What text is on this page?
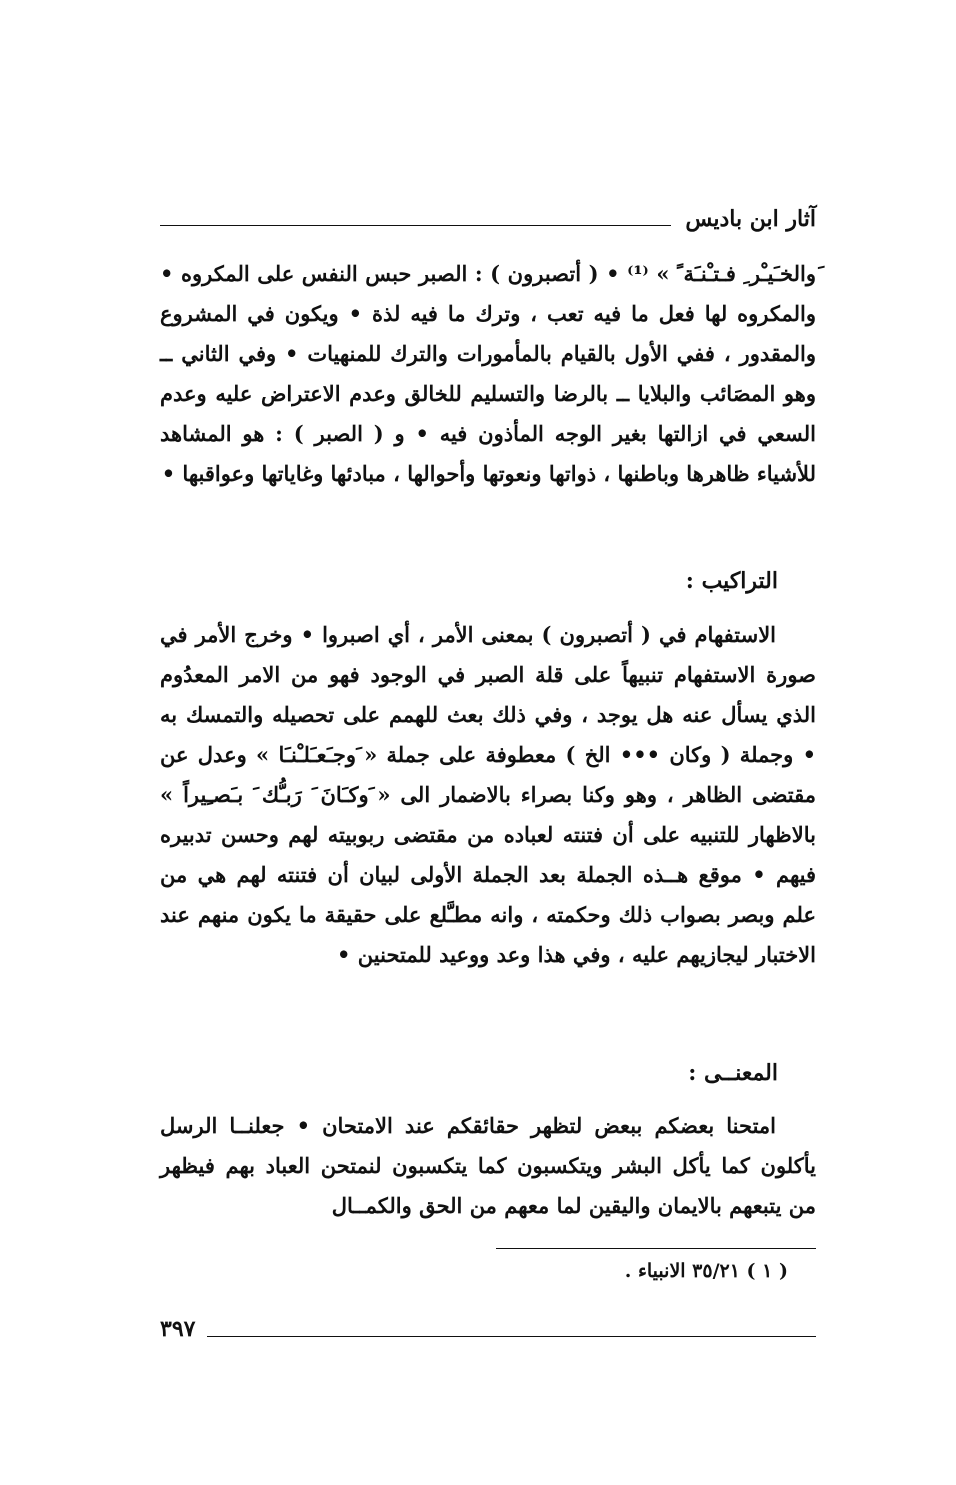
آثار ابن باديس
َوالخـَيـْر ِ فـتـْنـَة ً » ⁽¹⁾ • ( أتصبرون ) : الصبر حبس النفس على المكروه • والمكروه لها فعل ما فيه تعب ، وترك ما فيه لذة • ويكون في المشروع والمقدور ، ففي الأول بالقيام بالمأمورات والترك للمنهيات • وفي الثاني ــ وهو المصَائب والبلايا ــ بالرضا والتسليم للخالق وعدم الاعتراض عليه وعدم السعي في ازالتها بغير الوجه المأذون فيه • و ( الصبر ) : هو المشاهد للأشياء ظاهرها وباطنها ، ذواتها ونعوتها وأحوالها ، مبادئها وغاياتها وعواقبها •
التراكيب :
الاستفهام في ( أتصبرون ) بمعنى الأمر ، أي اصبروا • وخرج الأمر في صورة الاستفهام تنبيهاً على قلة الصبر في الوجود فهو من الامر المعدُوم الذي يسأل عنه هل يوجد ، وفي ذلك بعث للهمم على تحصيله والتمسك به • وجملة ( وكان ••• الخ ) معطوفة على جملة « َوجـَعـَلـْنـَا » وعدل عن مقتضى الظاهر ، وهو وكنا بصراء بالاضمار الى « َوكـَانَ َ رَبـُّك َ بـَصـِيراً » بالاظهار للتنبيه على أن فتنته لعباده من مقتضى ربوبيته لهم وحسن تدبيره فيهم • موقع هــذه الجملة بعد الجملة الأولى لبيان أن فتنته لهم هي من علم وبصر بصواب ذلك وحكمته ، وانه مطـَّلع على حقيقة ما يكون منهم عند الاختبار ليجازيهم عليه ، وفي هذا وعد ووعيد للمتحنين •
المعنــى :
امتحنا بعضكم ببعض لتظهر حقائقكم عند الامتحان • جعلنــا الرسل يأكلون كما يأكل البشر ويتكسبون كما يتكسبون لنمتحن العباد بهم فيظهر من يتبعهم بالايمان واليقين لما معهم من الحق والكمــال
( ١ ) ٣٥/٢١ الانبياء .
٣٩٧
